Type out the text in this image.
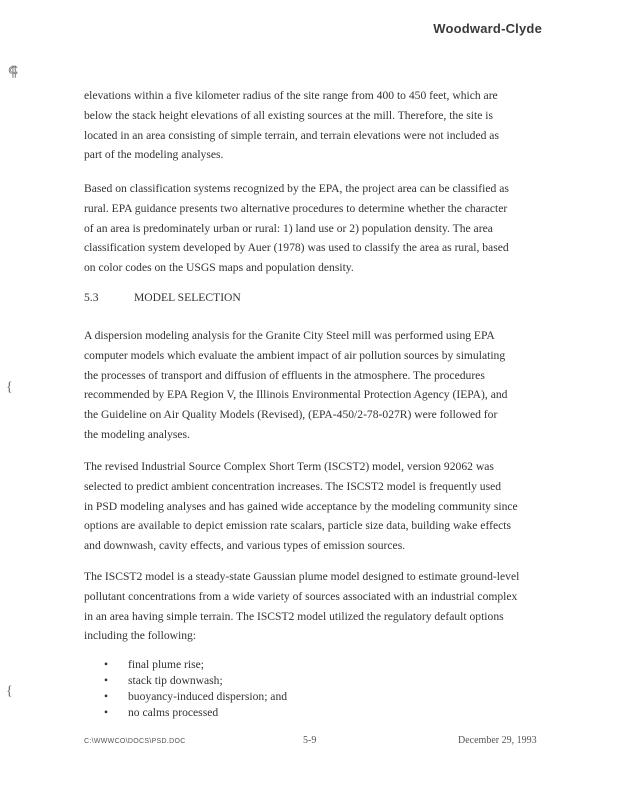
⸿
{
{
Woodward-Clyde
elevations within a five kilometer radius of the site range from 400 to 450 feet, which are
below the stack height elevations of all existing sources at the mill. Therefore, the site is
located in an area consisting of simple terrain, and terrain elevations were not included as
part of the modeling analyses.
Based on classification systems recognized by the EPA, the project area can be classified as
rural. EPA guidance presents two alternative procedures to determine whether the character
of an area is predominately urban or rural: 1) land use or 2) population density. The area
classification system developed by Auer (1978) was used to classify the area as rural, based
on color codes on the USGS maps and population density.
5.3	MODEL SELECTION
A dispersion modeling analysis for the Granite City Steel mill was performed using EPA
computer models which evaluate the ambient impact of air pollution sources by simulating
the processes of transport and diffusion of effluents in the atmosphere. The procedures
recommended by EPA Region V, the Illinois Environmental Protection Agency (IEPA), and
the Guideline on Air Quality Models (Revised), (EPA-450/2-78-027R) were followed for
the modeling analyses.
The revised Industrial Source Complex Short Term (ISCST2) model, version 92062 was
selected to predict ambient concentration increases. The ISCST2 model is frequently used
in PSD modeling analyses and has gained wide acceptance by the modeling community since
options are available to depict emission rate scalars, particle size data, building wake effects
and downwash, cavity effects, and various types of emission sources.
The ISCST2 model is a steady-state Gaussian plume model designed to estimate ground-level
pollutant concentrations from a wide variety of sources associated with an industrial complex
in an area having simple terrain. The ISCST2 model utilized the regulatory default options
including the following:
• final plume rise;
• stack tip downwash;
• buoyancy-induced dispersion; and
• no calms processed
C:\WWWCO\DOCS\PSD.DOC	5-9	December 29, 1993
